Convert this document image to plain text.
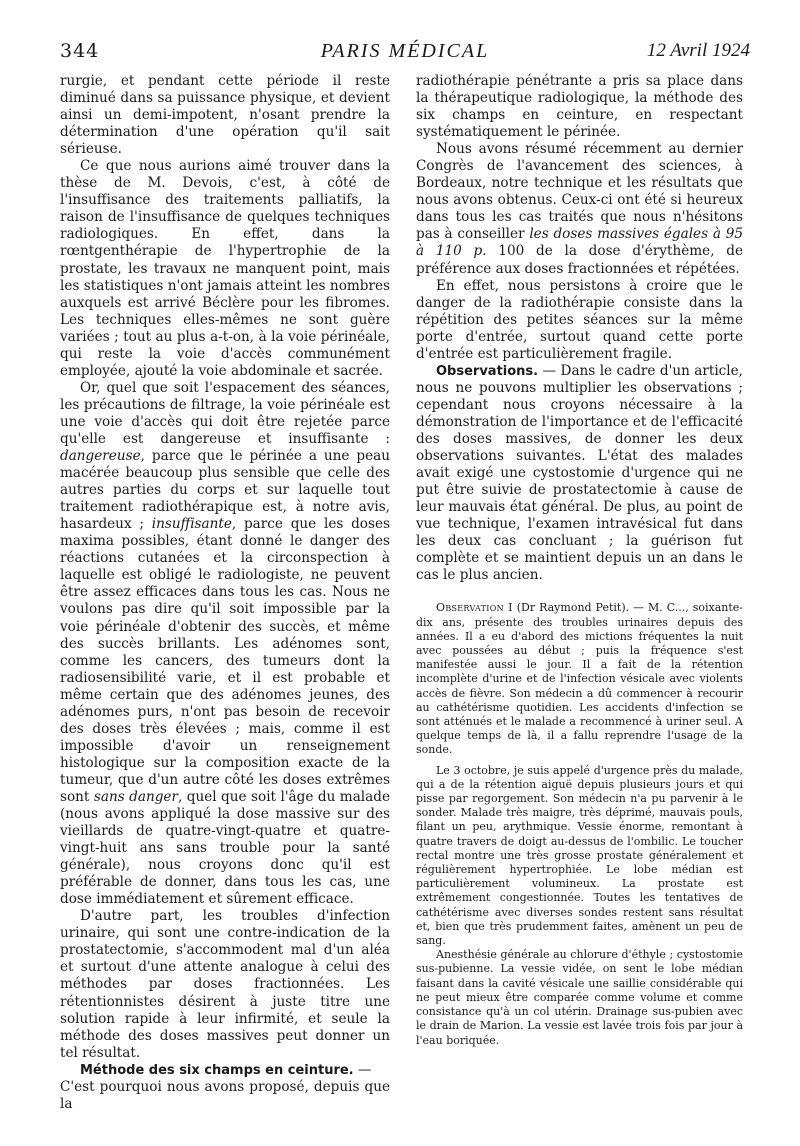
344	PARIS MÉDICAL	12 Avril 1924

rurgie, et pendant cette période il reste diminué dans sa puissance physique, et devient ainsi un demi-impotent, n'osant prendre la détermination d'une opération qu'il sait sérieuse.

Ce que nous aurions aimé trouver dans la thèse de M. Devois, c'est, à côté de l'insuffisance des traitements palliatifs, la raison de l'insuffisance de quelques techniques radiologiques. En effet, dans la rœntgenthérapie de l'hypertrophie de la prostate, les travaux ne manquent point, mais les statistiques n'ont jamais atteint les nombres auxquels est arrivé Béclère pour les fibromes. Les techniques elles-mêmes ne sont guère variées ; tout au plus a-t-on, à la voie périnéale, qui reste la voie d'accès communément employée, ajouté la voie abdominale et sacrée.

Or, quel que soit l'espacement des séances, les précautions de filtrage, la voie périnéale est une voie d'accès qui doit être rejetée parce qu'elle est dangereuse et insuffisante : dangereuse, parce que le périnée a une peau macérée beaucoup plus sensible que celle des autres parties du corps et sur laquelle tout traitement radiothérapique est, à notre avis, hasardeux ; insuffisante, parce que les doses maxima possibles, étant donné le danger des réactions cutanées et la circonspection à laquelle est obligé le radiologiste, ne peuvent être assez efficaces dans tous les cas. Nous ne voulons pas dire qu'il soit impossible par la voie périnéale d'obtenir des succès, et même des succès brillants. Les adénomes sont, comme les cancers, des tumeurs dont la radiosensibilité varie, et il est probable et même certain que des adénomes jeunes, des adénomes purs, n'ont pas besoin de recevoir des doses très élevées ; mais, comme il est impossible d'avoir un renseignement histologique sur la composition exacte de la tumeur, que d'un autre côté les doses extrêmes sont sans danger, quel que soit l'âge du malade (nous avons appliqué la dose massive sur des vieillards de quatre-vingt-quatre et quatre-vingt-huit ans sans trouble pour la santé générale), nous croyons donc qu'il est préférable de donner, dans tous les cas, une dose immédiatement et sûrement efficace.

D'autre part, les troubles d'infection urinaire, qui sont une contre-indication de la prostatectomie, s'accommodent mal d'un aléa et surtout d'une attente analogue à celui des méthodes par doses fractionnées. Les rétentionnistes désirent à juste titre une solution rapide à leur infirmité, et seule la méthode des doses massives peut donner un tel résultat.

Méthode des six champs en ceinture. —

C'est pourquoi nous avons proposé, depuis que la

radiothérapie pénétrante a pris sa place dans la thérapeutique radiologique, la méthode des six champs en ceinture, en respectant systématiquement le périnée.

Nous avons résumé récemment au dernier Congrès de l'avancement des sciences, à Bordeaux, notre technique et les résultats que nous avons obtenus. Ceux-ci ont été si heureux dans tous les cas traités que nous n'hésitons pas à conseiller les doses massives égales à 95 à 110 p. 100 de la dose d'érythème, de préférence aux doses fractionnées et répétées.

En effet, nous persistons à croire que le danger de la radiothérapie consiste dans la répétition des petites séances sur la même porte d'entrée, surtout quand cette porte d'entrée est particulièrement fragile.

Observations. — Dans le cadre d'un article, nous ne pouvons multiplier les observations ; cependant nous croyons nécessaire à la démonstration de l'importance et de l'efficacité des doses massives, de donner les deux observations suivantes. L'état des malades avait exigé une cystostomie d'urgence qui ne put être suivie de prostatectomie à cause de leur mauvais état général. De plus, au point de vue technique, l'examen intravésical fut dans les deux cas concluant ; la guérison fut complète et se maintient depuis un an dans le cas le plus ancien.

Observation I (Dr Raymond Petit). — M. C..., soixante-dix ans, présente des troubles urinaires depuis des années. Il a eu d'abord des mictions fréquentes la nuit avec poussées au début ; puis la fréquence s'est manifestée aussi le jour. Il a fait de la rétention incomplète d'urine et de l'infection vésicale avec violents accès de fièvre. Son médecin a dû commencer à recourir au cathétérisme quotidien. Les accidents d'infection se sont atténués et le malade a recommencé à uriner seul. A quelque temps de là, il a fallu reprendre l'usage de la sonde.

Le 3 octobre, je suis appelé d'urgence près du malade, qui a de la rétention aiguë depuis plusieurs jours et qui pisse par regorgement. Son médecin n'a pu parvenir à le sonder. Malade très maigre, très déprimé, mauvais pouls, filant un peu, arythmique. Vessie énorme, remontant à quatre travers de doigt au-dessus de l'ombilic. Le toucher rectal montre une très grosse prostate généralement et régulièrement hypertrophiée. Le lobe médian est particulièrement volumineux. La prostate est extrêmement congestionnée. Toutes les tentatives de cathétérisme avec diverses sondes restent sans résultat et, bien que très prudemment faites, amènent un peu de sang.

Anesthésie générale au chlorure d'éthyle ; cystostomie sus-pubienne. La vessie vidée, on sent le lobe médian faisant dans la cavité vésicale une saillie considérable qui ne peut mieux être comparée comme volume et comme consistance qu'à un col utérin. Drainage sus-pubien avec le drain de Marion. La vessie est lavée trois fois par jour à l'eau boriquée.
